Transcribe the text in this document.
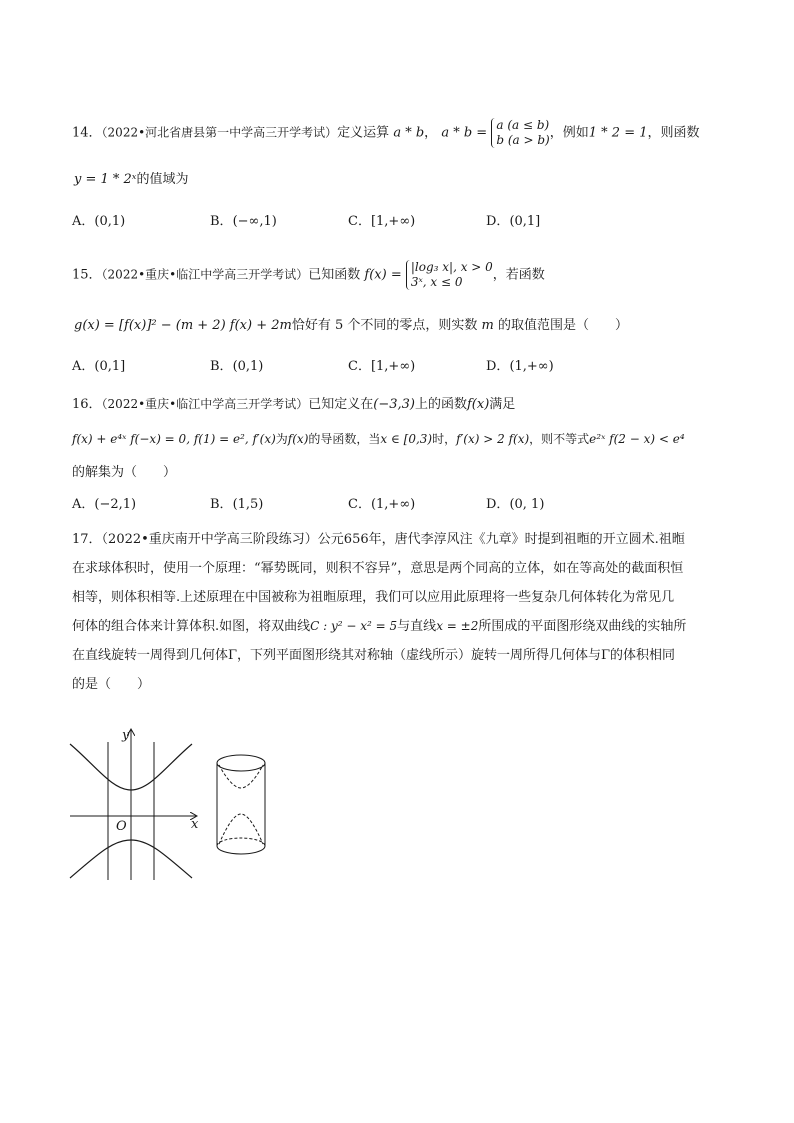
14．（2022•河北省唐县第一中学高三开学考试）定义运算 a * b， a * b = a (a ≤ b)
b (a > b)，例如1 * 2 = 1，则函数
y = 1 * 2ˣ的值域为
A．(0,1)	B．(−∞,1)	C．[1,+∞)	D．(0,1]
15．（2022•重庆•临江中学高三开学考试）已知函数 f(x) = |log₃ x|, x > 0
3ˣ, x ≤ 0 ，若函数
g(x) = [f(x)]² − (m + 2) f(x) + 2m恰好有 5 个不同的零点，则实数 m 的取值范围是（　　）
A．(0,1]	B．(0,1)	C．[1,+∞)	D．(1,+∞)
16．（2022•重庆•临江中学高三开学考试）已知定义在(−3,3)上的函数f(x)满足
f(x) + e⁴ˣ f(−x) = 0, f(1) = e², f′(x)为f(x)的导函数，当x ∈ [0,3)时，f′(x) > 2 f(x)，则不等式e²ˣ f(2 − x) < e⁴
的解集为（　　）
A．(−2,1)	B．(1,5)	C．(1,+∞)	D．(0, 1)
17．（2022•重庆南开中学高三阶段练习）公元656年，唐代李淳风注《九章》时提到祖暅的开立圆术.祖暅
在求球体积时，使用一个原理：“幂势既同，则积不容异”，意思是两个同高的立体，如在等高处的截面积恒
相等，则体积相等.上述原理在中国被称为祖暅原理，我们可以应用此原理将一些复杂几何体转化为常见几
何体的组合体来计算体积.如图，将双曲线C : y² − x² = 5与直线x = ±2所围成的平面图形绕双曲线的实轴所
在直线旋转一周得到几何体Γ，下列平面图形绕其对称轴（虚线所示）旋转一周所得几何体与Γ的体积相同
的是（　　）
y
x
O
